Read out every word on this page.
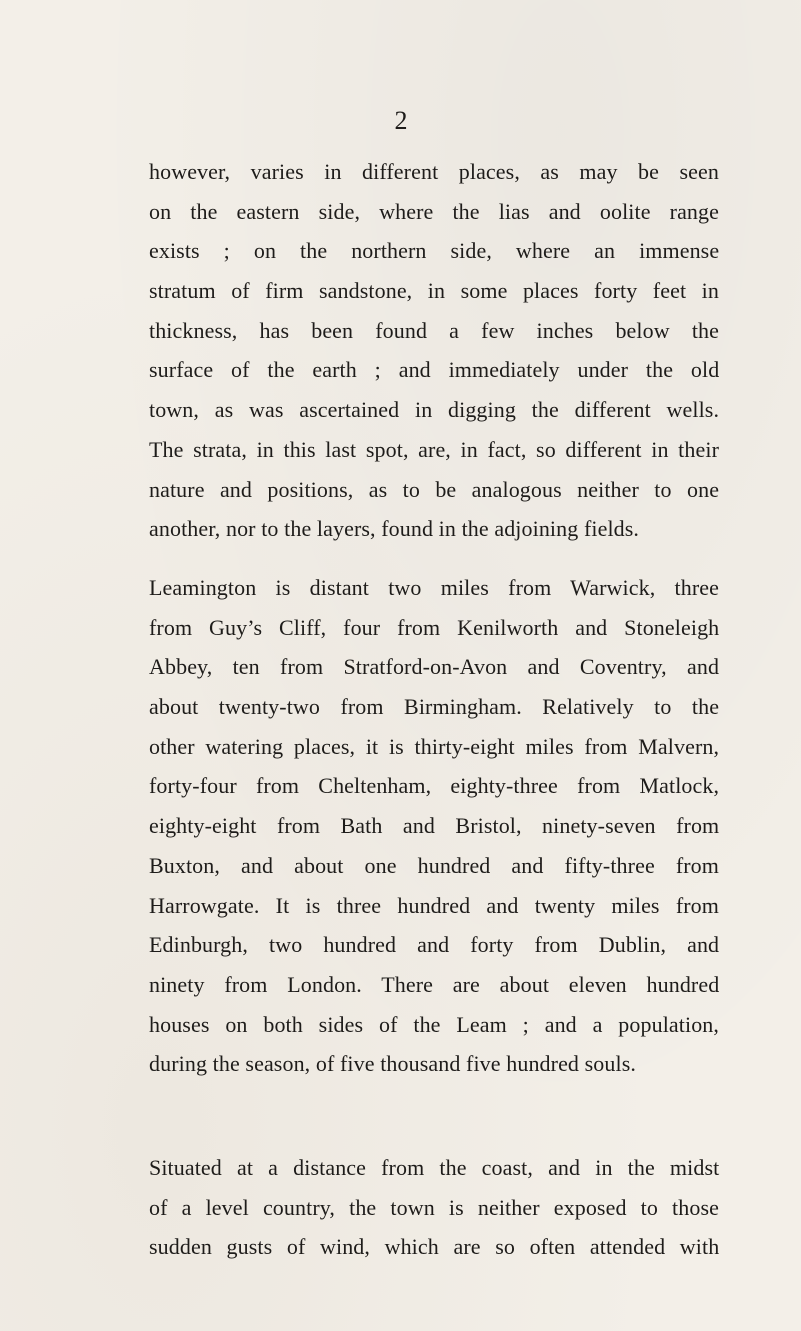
2
however, varies in different places, as may be seen
on the eastern side, where the lias and oolite range
exists ; on the northern side, where an immense
stratum of firm sandstone, in some places forty feet in
thickness, has been found a few inches below the
surface of the earth ; and immediately under the old
town, as was ascertained in digging the different wells.
The strata, in this last spot, are, in fact, so different in their
nature and positions, as to be analogous neither to one
another, nor to the layers, found in the adjoining fields.
Leamington is distant two miles from Warwick, three
from Guy’s Cliff, four from Kenilworth and Stoneleigh
Abbey, ten from Stratford-on-Avon and Coventry, and
about twenty-two from Birmingham. Relatively to the
other watering places, it is thirty-eight miles from Malvern,
forty-four from Cheltenham, eighty-three from Matlock,
eighty-eight from Bath and Bristol, ninety-seven from
Buxton, and about one hundred and fifty-three from
Harrowgate. It is three hundred and twenty miles from
Edinburgh, two hundred and forty from Dublin, and
ninety from London. There are about eleven hundred
houses on both sides of the Leam ; and a population,
during the season, of five thousand five hundred souls.
Situated at a distance from the coast, and in the midst
of a level country, the town is neither exposed to those
sudden gusts of wind, which are so often attended with
